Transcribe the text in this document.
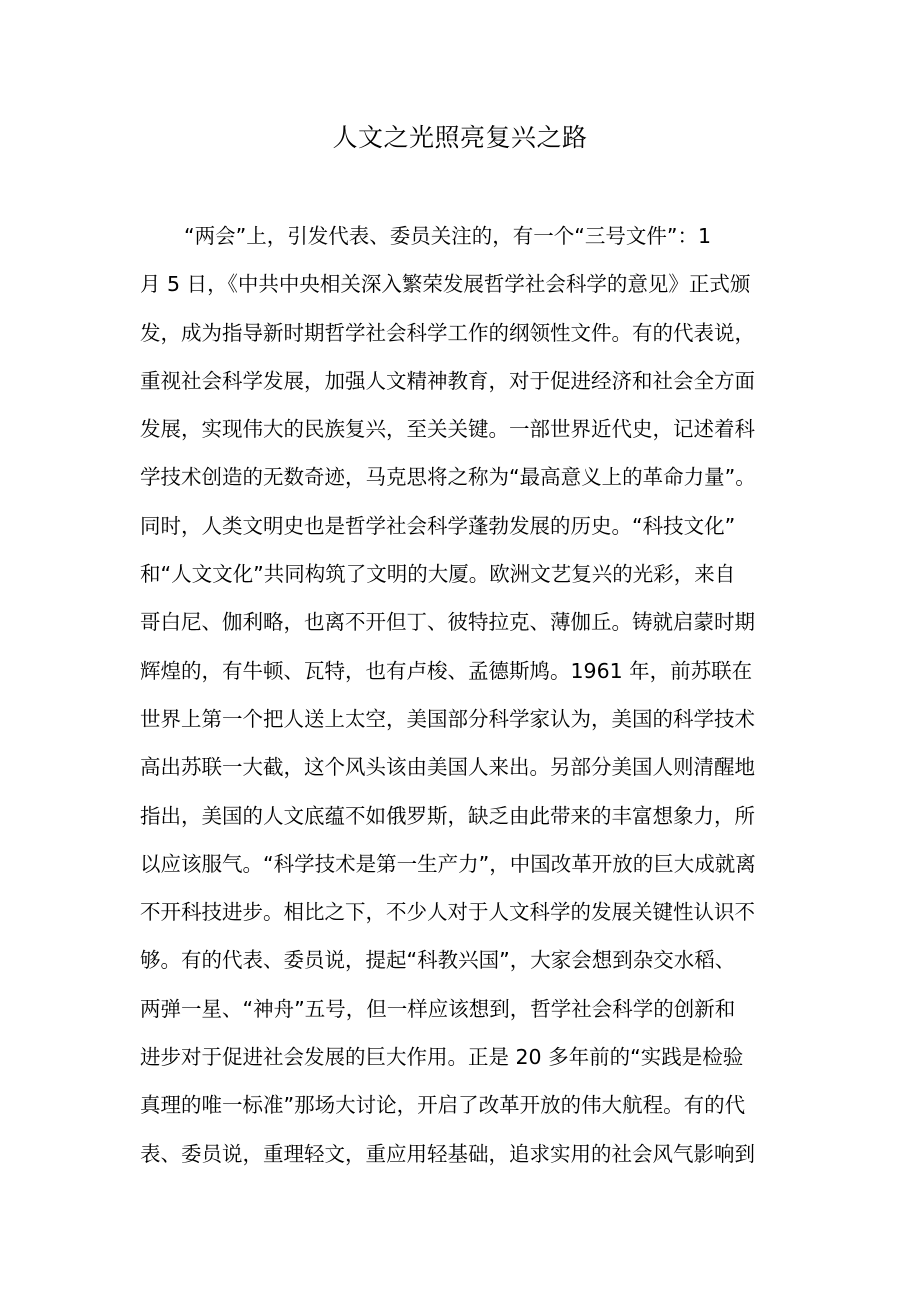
人文之光照亮复兴之路
“两会”上，引发代表、委员关注的，有一个“三号文件”：1
月 5 日，《中共中央相关深入繁荣发展哲学社会科学的意见》正式颁
发，成为指导新时期哲学社会科学工作的纲领性文件。有的代表说，
重视社会科学发展，加强人文精神教育，对于促进经济和社会全方面
发展，实现伟大的民族复兴，至关关键。一部世界近代史，记述着科
学技术创造的无数奇迹，马克思将之称为“最高意义上的革命力量”。
同时，人类文明史也是哲学社会科学蓬勃发展的历史。“科技文化”
和“人文文化”共同构筑了文明的大厦。欧洲文艺复兴的光彩，来自
哥白尼、伽利略，也离不开但丁、彼特拉克、薄伽丘。铸就启蒙时期
辉煌的，有牛顿、瓦特，也有卢梭、孟德斯鸠。1961 年，前苏联在
世界上第一个把人送上太空，美国部分科学家认为，美国的科学技术
高出苏联一大截，这个风头该由美国人来出。另部分美国人则清醒地
指出，美国的人文底蕴不如俄罗斯，缺乏由此带来的丰富想象力，所
以应该服气。“科学技术是第一生产力”，中国改革开放的巨大成就离
不开科技进步。相比之下，不少人对于人文科学的发展关键性认识不
够。有的代表、委员说，提起“科教兴国”，大家会想到杂交水稻、
两弹一星、“神舟”五号，但一样应该想到，哲学社会科学的创新和
进步对于促进社会发展的巨大作用。正是 20 多年前的“实践是检验
真理的唯一标准”那场大讨论，开启了改革开放的伟大航程。有的代
表、委员说，重理轻文，重应用轻基础，追求实用的社会风气影响到
